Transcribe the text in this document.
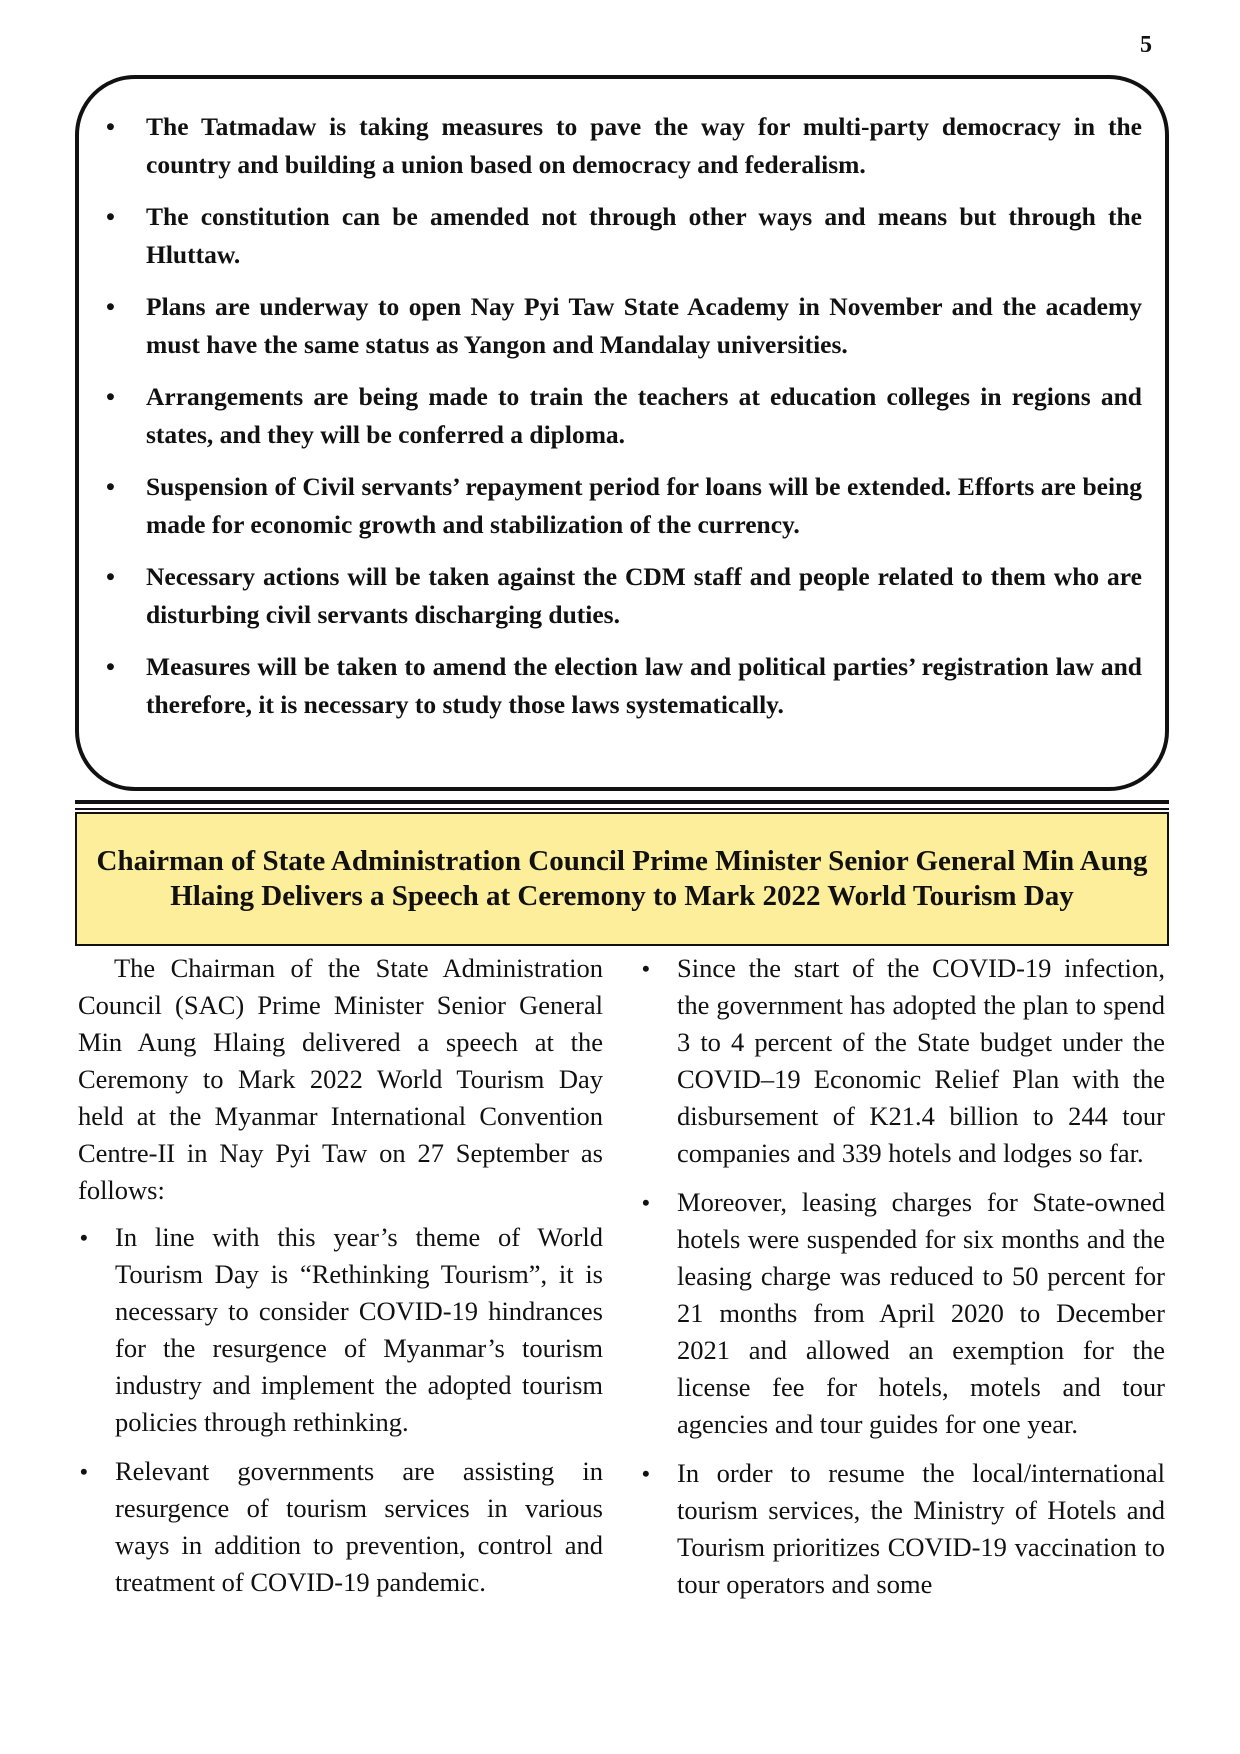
5
• The Tatmadaw is taking measures to pave the way for multi-party democracy in the country and building a union based on democracy and federalism.
• The constitution can be amended not through other ways and means but through the Hluttaw.
• Plans are underway to open Nay Pyi Taw State Academy in November and the academy must have the same status as Yangon and Mandalay universities.
• Arrangements are being made to train the teachers at education colleges in regions and states, and they will be conferred a diploma.
• Suspension of Civil servants’ repayment period for loans will be extended. Efforts are being made for economic growth and stabilization of the currency.
• Necessary actions will be taken against the CDM staff and people related to them who are disturbing civil servants discharging duties.
• Measures will be taken to amend the election law and political parties’ registration law and therefore, it is necessary to study those laws systematically.
Chairman of State Administration Council Prime Minister Senior General Min Aung Hlaing Delivers a Speech at Ceremony to Mark 2022 World Tourism Day

The Chairman of the State Administration Council (SAC) Prime Minister Senior General Min Aung Hlaing delivered a speech at the Ceremony to Mark 2022 World Tourism Day held at the Myanmar International Convention Centre-II in Nay Pyi Taw on 27 September as follows:

• In line with this year’s theme of World Tourism Day is “Rethinking Tourism”, it is necessary to consider COVID-19 hindrances for the resurgence of Myanmar’s tourism industry and implement the adopted tourism policies through rethinking.
• Relevant governments are assisting in resurgence of tourism services in various ways in addition to prevention, control and treatment of COVID-19 pandemic.
• Since the start of the COVID-19 infection, the government has adopted the plan to spend 3 to 4 percent of the State budget under the COVID–19 Economic Relief Plan with the disbursement of K21.4 billion to 244 tour companies and 339 hotels and lodges so far.
• Moreover, leasing charges for State-owned hotels were suspended for six months and the leasing charge was reduced to 50 percent for 21 months from April 2020 to December 2021 and allowed an exemption for the license fee for hotels, motels and tour agencies and tour guides for one year.
• In order to resume the local/international tourism services, the Ministry of Hotels and Tourism prioritizes COVID-19 vaccination to tour operators and some
